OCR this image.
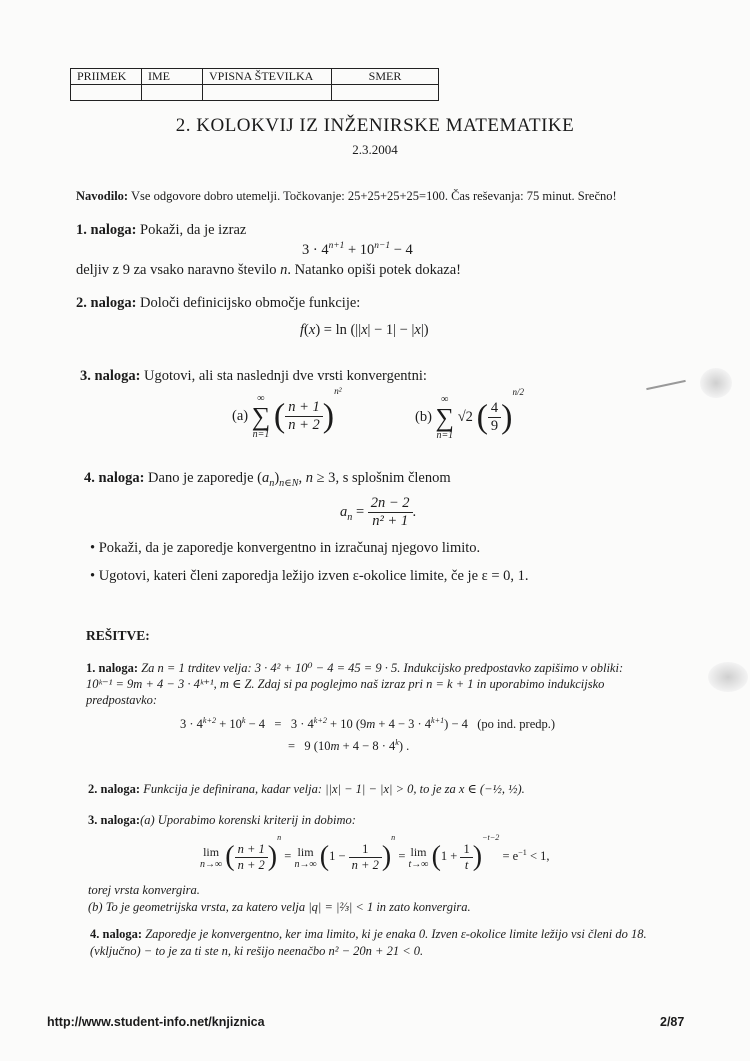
PRIIMEK	IME	VPISNA ŠTEVILKA	SMER

2. KOLOKVIJ IZ INŽENIRSKE MATEMATIKE
2.3.2004
Navodilo: Vse odgovore dobro utemelji. Točkovanje: 25+25+25+25=100. Čas reševanja: 75 minut. Srečno!
1. naloga: Pokaži, da je izraz
$3 \cdot 4^{n+1} + 10^{n-1} - 4$
deljiv z 9 za vsako naravno število n. Natanko opiši potek dokaza!
2. naloga: Določi definicijsko območje funkcije:
f(x) = ln (||x| − 1| − |x|)
3. naloga: Ugotovi, ali sta naslednji dve vrsti konvergentni:
(a)
∞
∑
n=1 ( $\frac{n + 1}{n + 2} )^{n^2}$
(b)
∞
∑
n=1
√2 ( $\frac{4}{9} )^{n/2}$
4. naloga: Dano je zaporedje $(a_n)_{n\in N}$, n ≥ 3, s splošnim členom
$a_n = \frac{2n - 2}{\text{n² + 1}}$ .
• Pokaži, da je zaporedje konvergentno in izračunaj njegovo limito.
• Ugotovi, kateri členi zaporedja ležijo izven ε-okolice limite, če je ε = 0, 1.
REŠITVE:
1. naloga: Za n = 1 trditev velja: 3 · 4² + 10⁰ − 4 = 45 = 9 · 5. Indukcijsko predpostavko zapišimo v obliki:
10ᵏ⁻¹ = 9m + 4 − 3 · 4ᵏ⁺¹, m ∈ Z. Zdaj si pa poglejmo naš izraz pri n = k + 1 in uporabimo indukcijsko
predpostavko:
$3 \cdot 4^{k+2} + 10^k - 4 = 3 \cdot 4^{k+2} + 10$ $(9m + 4 - 3 \cdot 4^{k+1}) - 4$   (po ind. predp.)
=   9 $(10m + 4 - 8 \cdot 4^k)$ .
2. naloga: Funkcija je definirana, kadar velja: ||x| − 1| − |x| > 0, to je za x ∈ (−½, ½).
3. naloga:(a) Uporabimo korenski kriterij in dobimo:
lim
n→∞ ( $\frac{n + 1}{n + 2} )^n = \lim$
n→∞ $(1 - \frac{1}{n + 2} )^n = \lim$
t→∞ $(1 + \frac{1}{t} )^{-t-2} = e^{-1} < 1$,
torej vrsta konvergira.
(b) To je geometrijska vrsta, za katero velja |q| = |⅔| < 1 in zato konvergira.
4. naloga: Zaporedje je konvergentno, ker ima limito, ki je enaka 0. Izven ε-okolice limite ležijo vsi členi do 18.
(vključno) − to je za ti ste n, ki rešijo neenačbo n² − 20n + 21 < 0.
http://www.student-info.net/knjiznica	2/87
